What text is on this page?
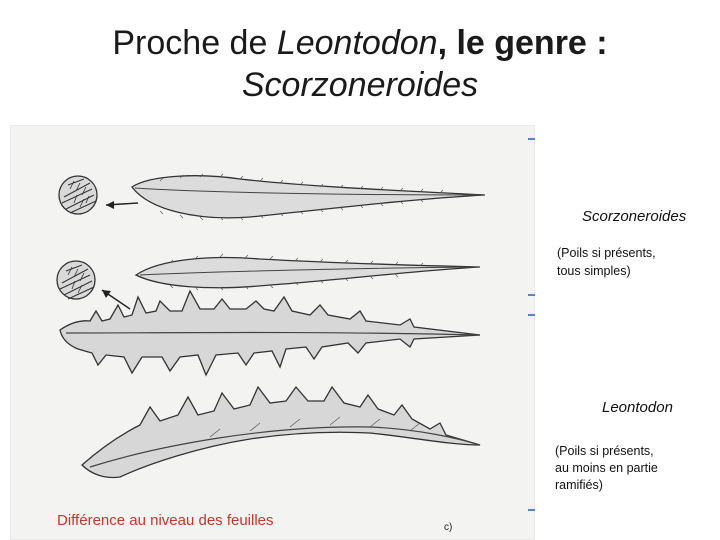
Proche de Leontodon, le genre :
Scorzoneroides
Scorzoneroides
(Poils si présents,
tous simples)
Leontodon
(Poils si présents,
au moins en partie
ramifiés)
Différence au niveau des feuilles	c)
